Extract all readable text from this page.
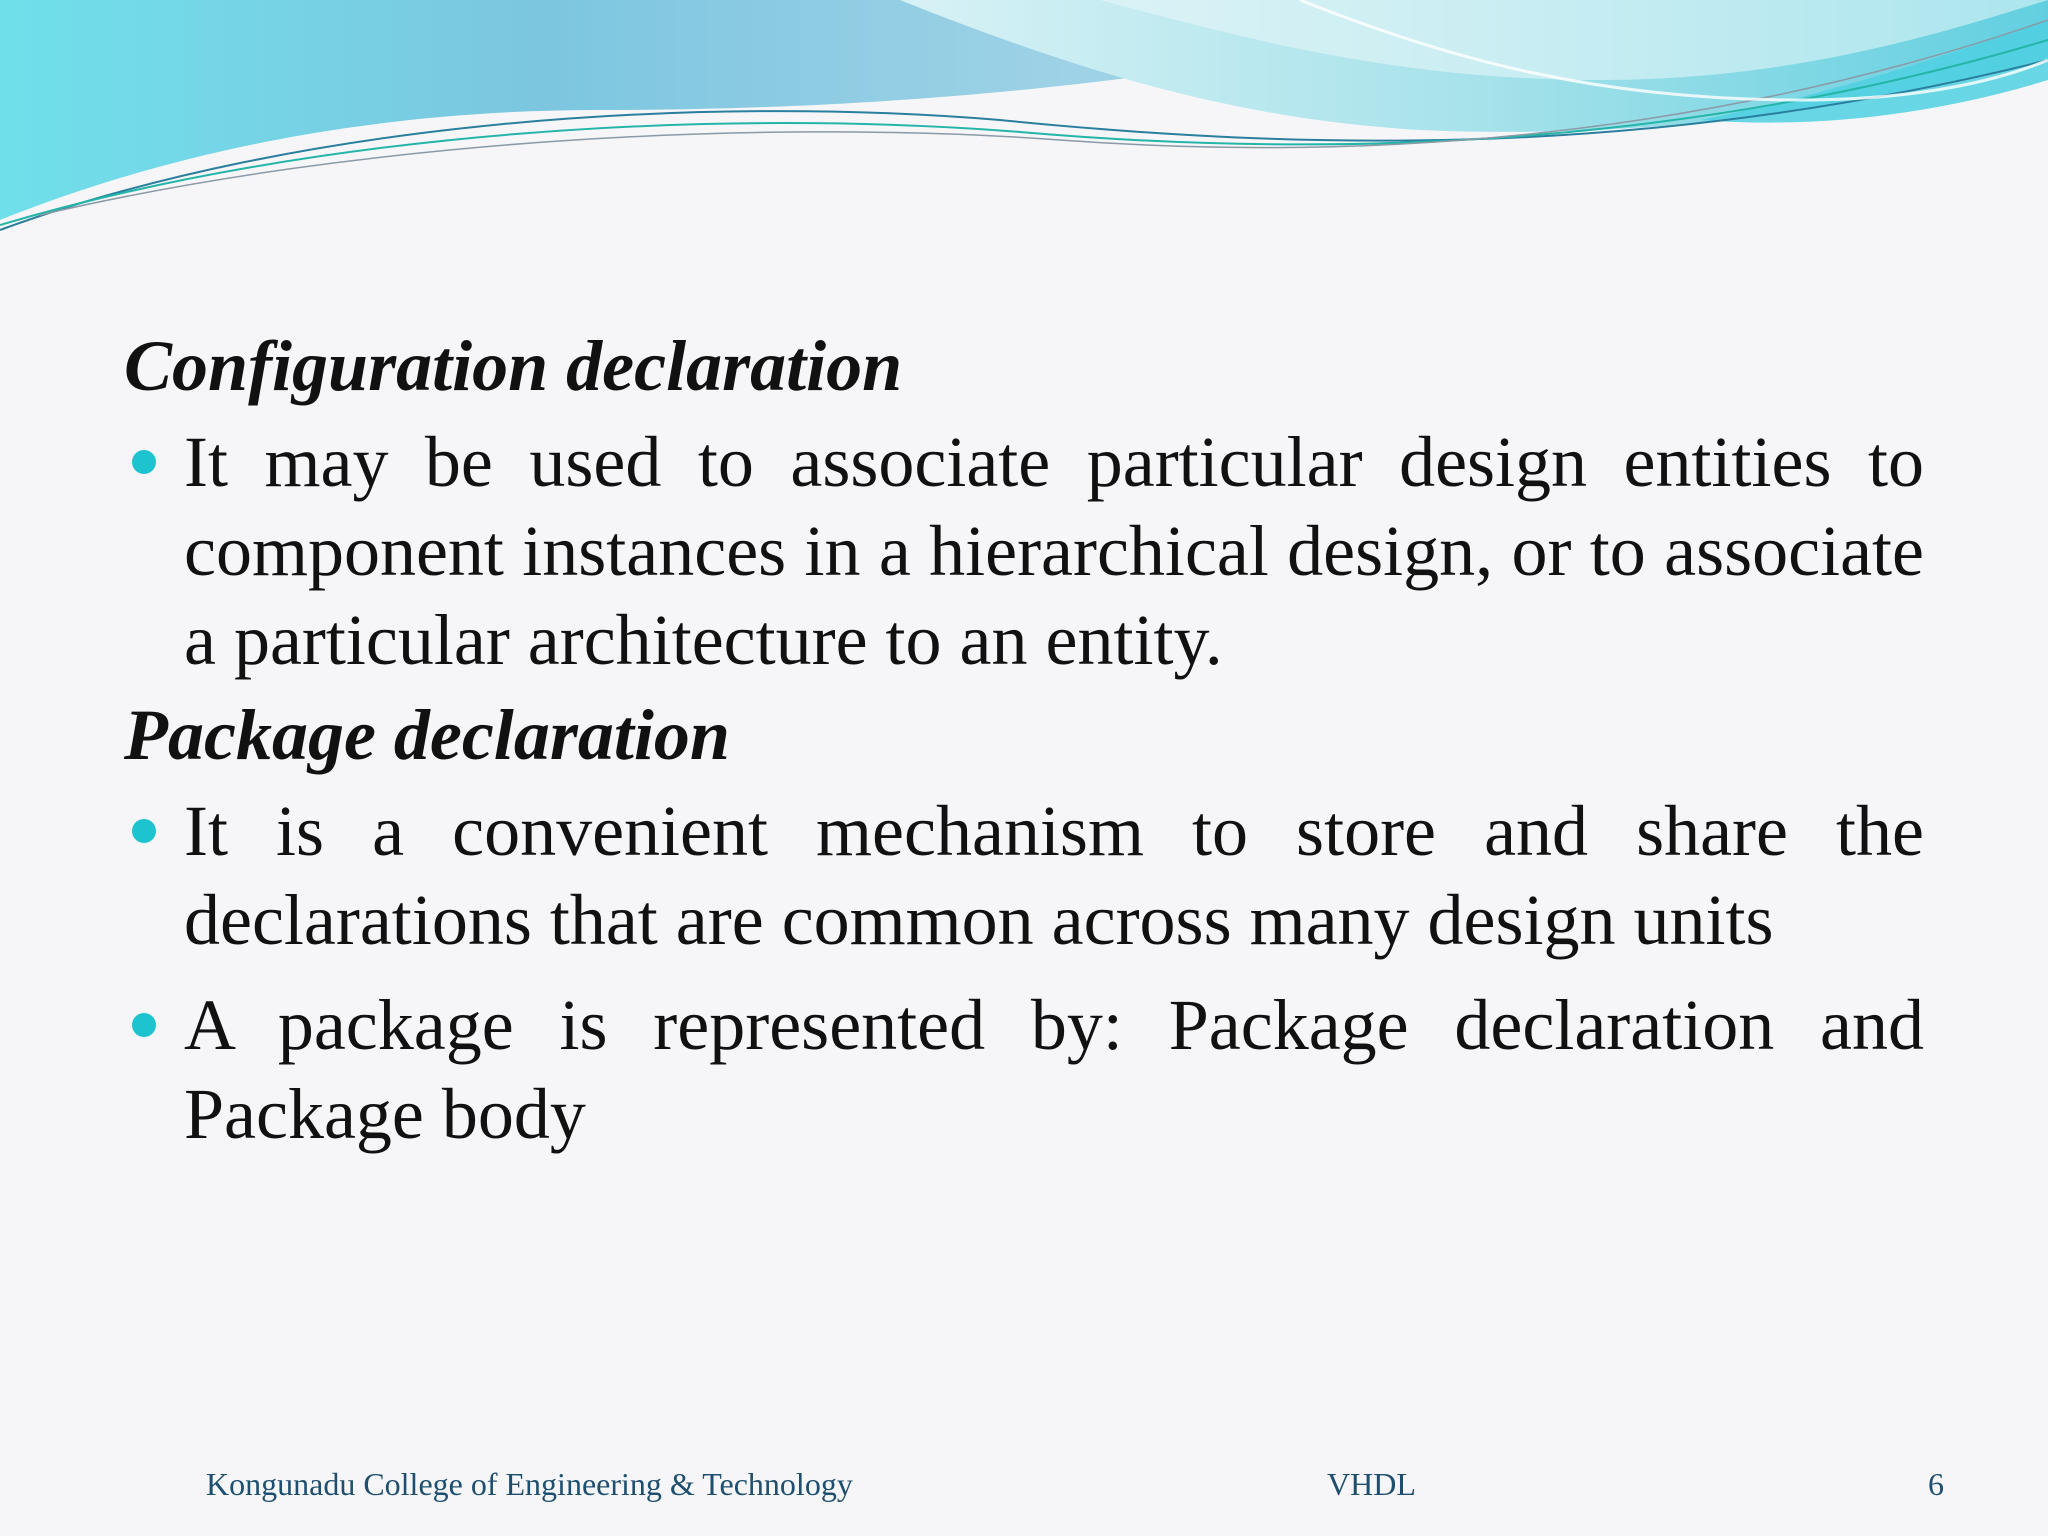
Configuration declaration

It may be used to associate particular design entities to component instances in a hierarchical design, or to associate a particular architecture to an entity.

Package declaration

It is a convenient mechanism to store and share the declarations that are common across many design units
A package is represented by: Package declaration and Package body
Kongunadu College of Engineering & Technology	VHDL	6
